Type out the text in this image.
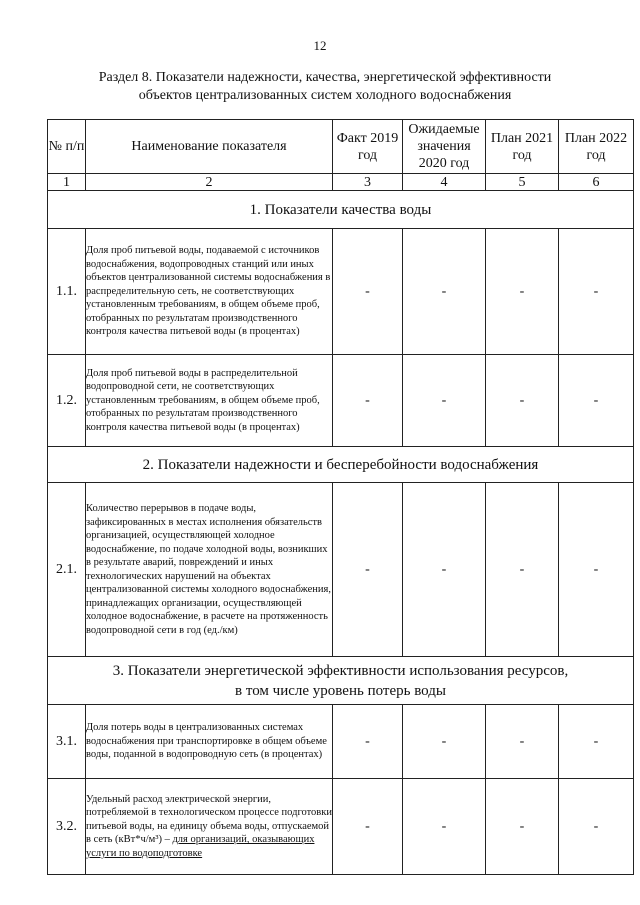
12
Раздел 8. Показатели надежности, качества, энергетической эффективности
объектов централизованных систем холодного водоснабжения
№ п/п	Наименование показателя	Факт 2019 год	Ожидаемые значения 2020 год	План 2021 год	План 2022 год
1	2	3	4	5	6
1. Показатели качества воды					
1.1.	Доля проб питьевой воды, подаваемой с источников водоснабжения, водопроводных станций или иных объектов централизованной системы водоснабжения в распределительную сеть, не соответствующих установленным требованиям, в общем объеме проб, отобранных по результатам производственного контроля качества питьевой воды (в процентах)	-	-	-	-
1.2.	Доля проб питьевой воды в распределительной водопроводной сети, не соответствующих установленным требованиям, в общем объеме проб, отобранных по результатам производственного контроля качества питьевой воды (в процентах)	-	-	-	-
2. Показатели надежности и бесперебойности водоснабжения					
2.1.	Количество перерывов в подаче воды, зафиксированных в местах исполнения обязательств организацией, осуществляющей холодное водоснабжение, по подаче холодной воды, возникших в результате аварий, повреждений и иных технологических нарушений на объектах централизованной системы холодного водоснабжения, принадлежащих организации, осуществляющей холодное водоснабжение, в расчете на протяженность водопроводной сети в год (ед./км)	-	-	-	-

3. Показатели энергетической эффективности использования ресурсов,
в том числе уровень потерь воды					

3.1.	Доля потерь воды в централизованных системах водоснабжения при транспортировке в общем объеме воды, поданной в водопроводную сеть (в процентах)	-	-	-	-
3.2.	Удельный расход электрической энергии, потребляемой в технологическом процессе подготовки питьевой воды, на единицу объема воды, отпускаемой в сеть (кВт*ч/м³) – для организаций, оказывающих услуги по водоподготовке	-	-	-	-
